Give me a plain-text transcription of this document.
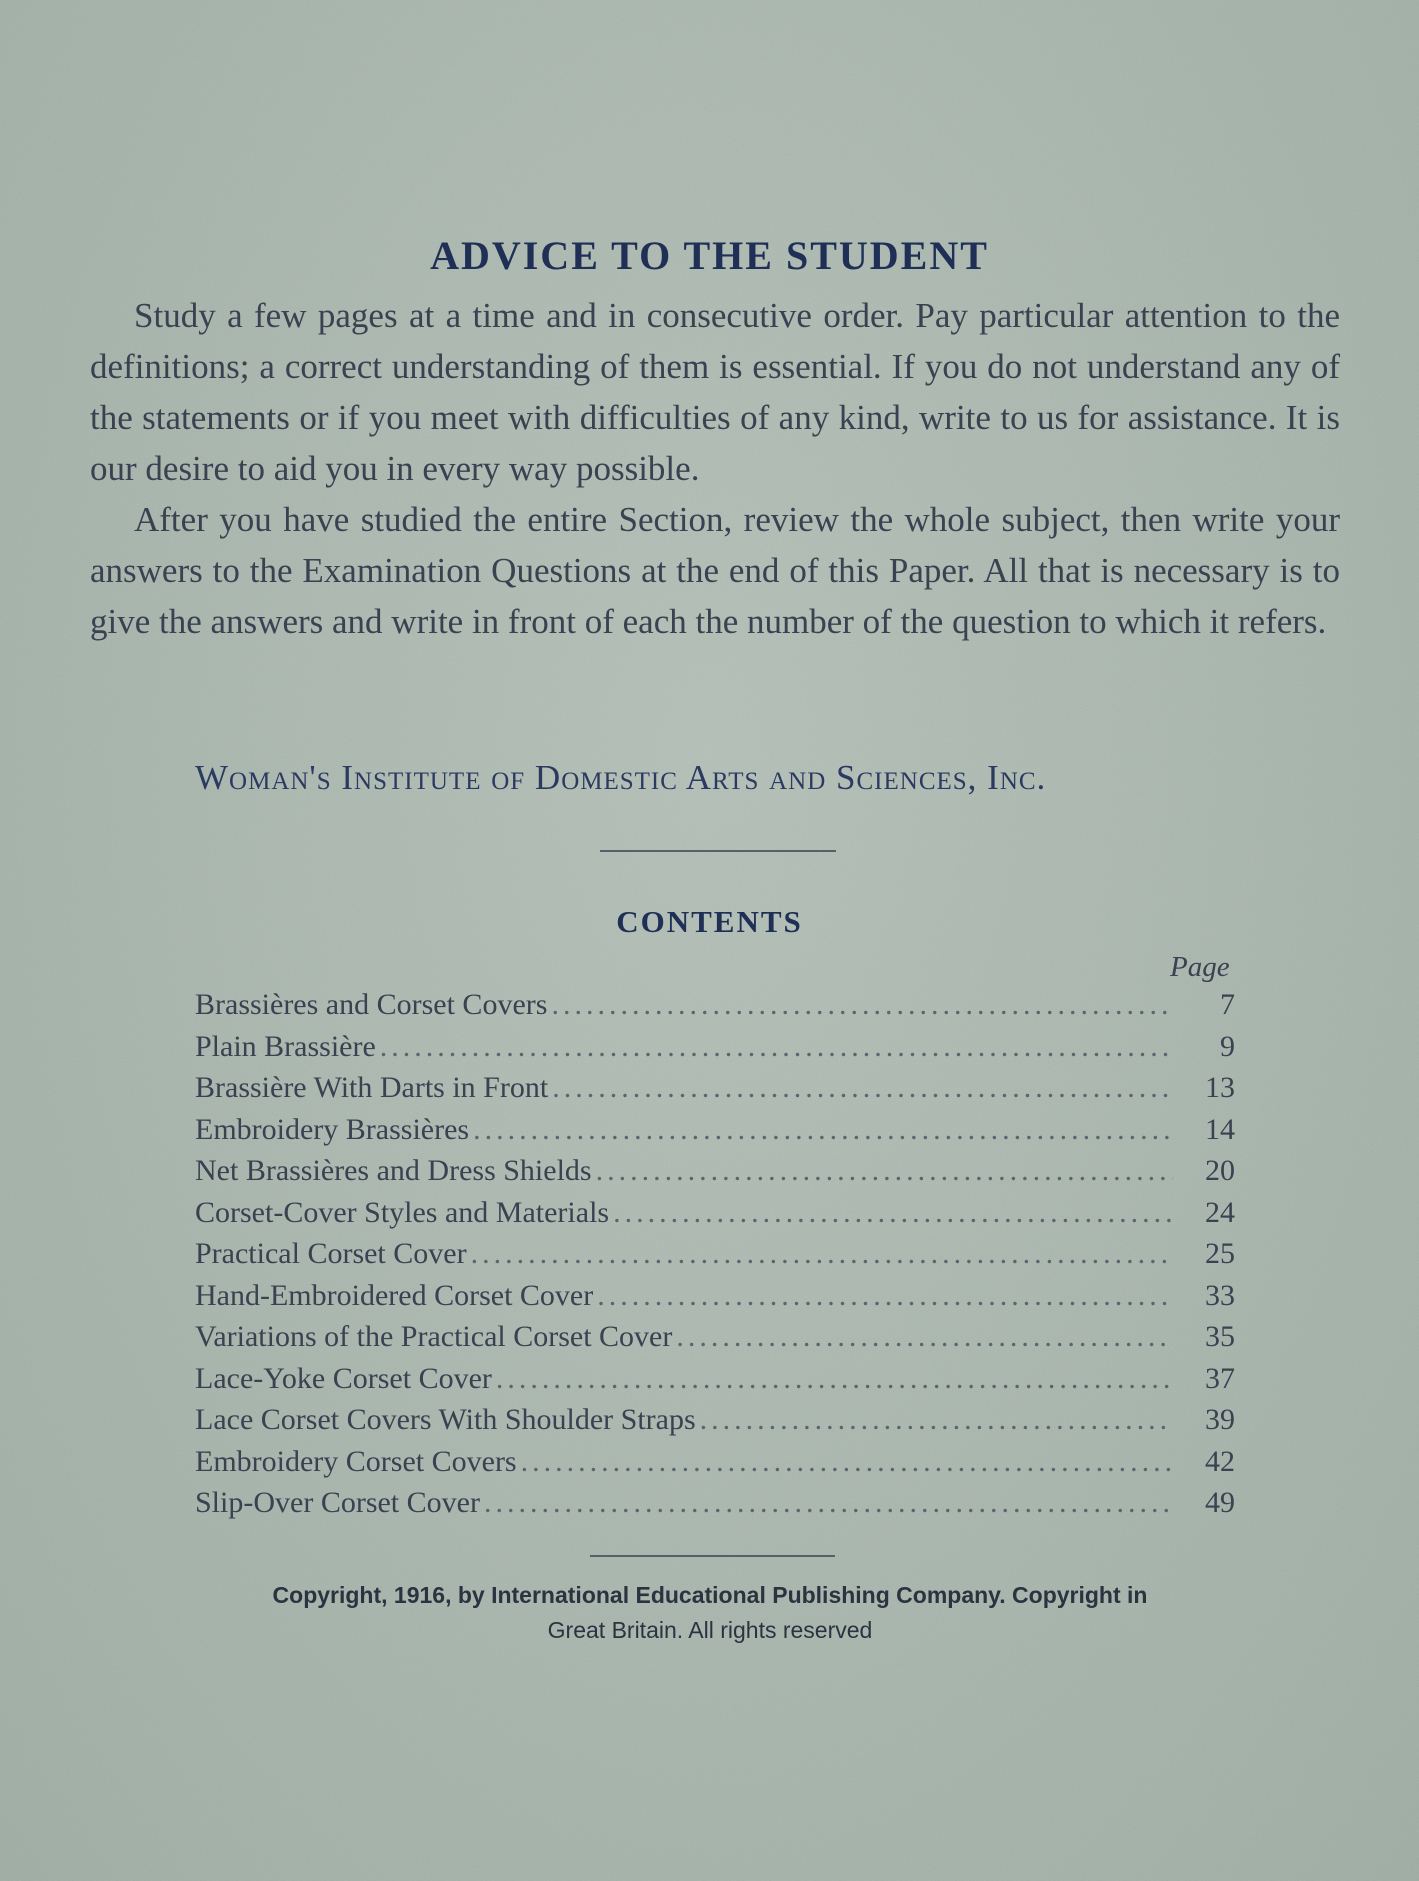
ADVICE TO THE STUDENT

Study a few pages at a time and in consecutive order. Pay particular attention to the definitions; a correct understanding of them is essential. If you do not understand any of the statements or if you meet with difficulties of any kind, write to us for assistance. It is our desire to aid you in every way possible.

After you have studied the entire Section, review the whole subject, then write your answers to the Examination Questions at the end of this Paper. All that is necessary is to give the answers and write in front of each the number of the question to which it refers.

Woman's Institute of Domestic Arts and Sciences, Inc.
CONTENTS
Page
Brassières and Corset Covers .....	7
Plain Brassière .....	9
Brassière With Darts in Front .....	13
Embroidery Brassières .....	14
Net Brassières and Dress Shields .....	20
Corset-Cover Styles and Materials .....	24
Practical Corset Cover .....	25
Hand-Embroidered Corset Cover .....	33
Variations of the Practical Corset Cover .....	35
Lace-Yoke Corset Cover .....	37
Lace Corset Covers With Shoulder Straps .....	39
Embroidery Corset Covers .....	42
Slip-Over Corset Cover .....	49
Copyright, 1916, by International Educational Publishing Company. Copyright in
Great Britain. All rights reserved
